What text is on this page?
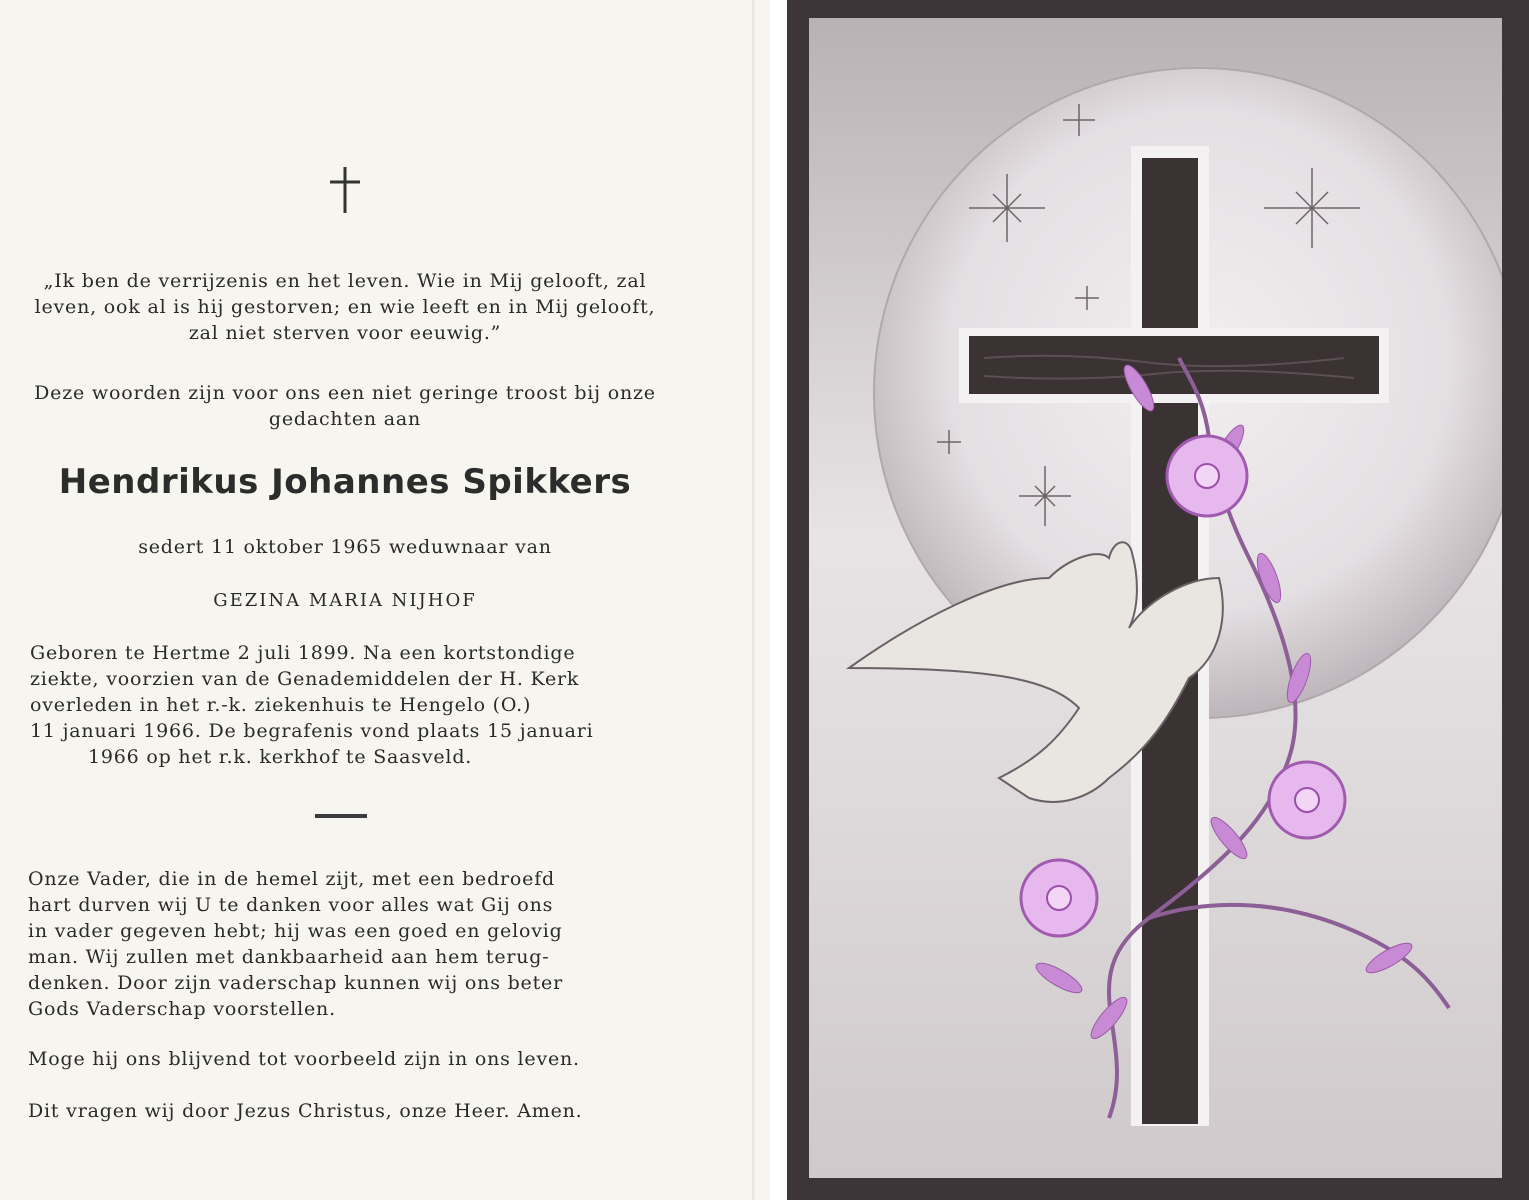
„Ik ben de verrijzenis en het leven. Wie in Mij gelooft, zal leven, ook al is hij gestorven; en wie leeft en in Mij gelooft, zal niet sterven voor eeuwig.”

Deze woorden zijn voor ons een niet geringe troost bij onze gedachten aan

Hendrikus Johannes Spikkers

sedert 11 oktober 1965 weduwnaar van

GEZINA MARIA NIJHOF

Geboren te Hertme 2 juli 1899. Na een kortstondige
ziekte, voorzien van de Genademiddelen der H. Kerk
overleden in het r.-k. ziekenhuis te Hengelo (O.)
11 januari 1966. De begrafenis vond plaats 15 januari
1966 op het r.k. kerkhof te Saasveld.

Onze Vader, die in de hemel zijt, met een bedroefd
hart durven wij U te danken voor alles wat Gij ons
in vader gegeven hebt; hij was een goed en gelovig
man. Wij zullen met dankbaarheid aan hem terug-
denken. Door zijn vaderschap kunnen wij ons beter
Gods Vaderschap voorstellen.

Moge hij ons blijvend tot voorbeeld zijn in ons leven.

Dit vragen wij door Jezus Christus, onze Heer. Amen.
